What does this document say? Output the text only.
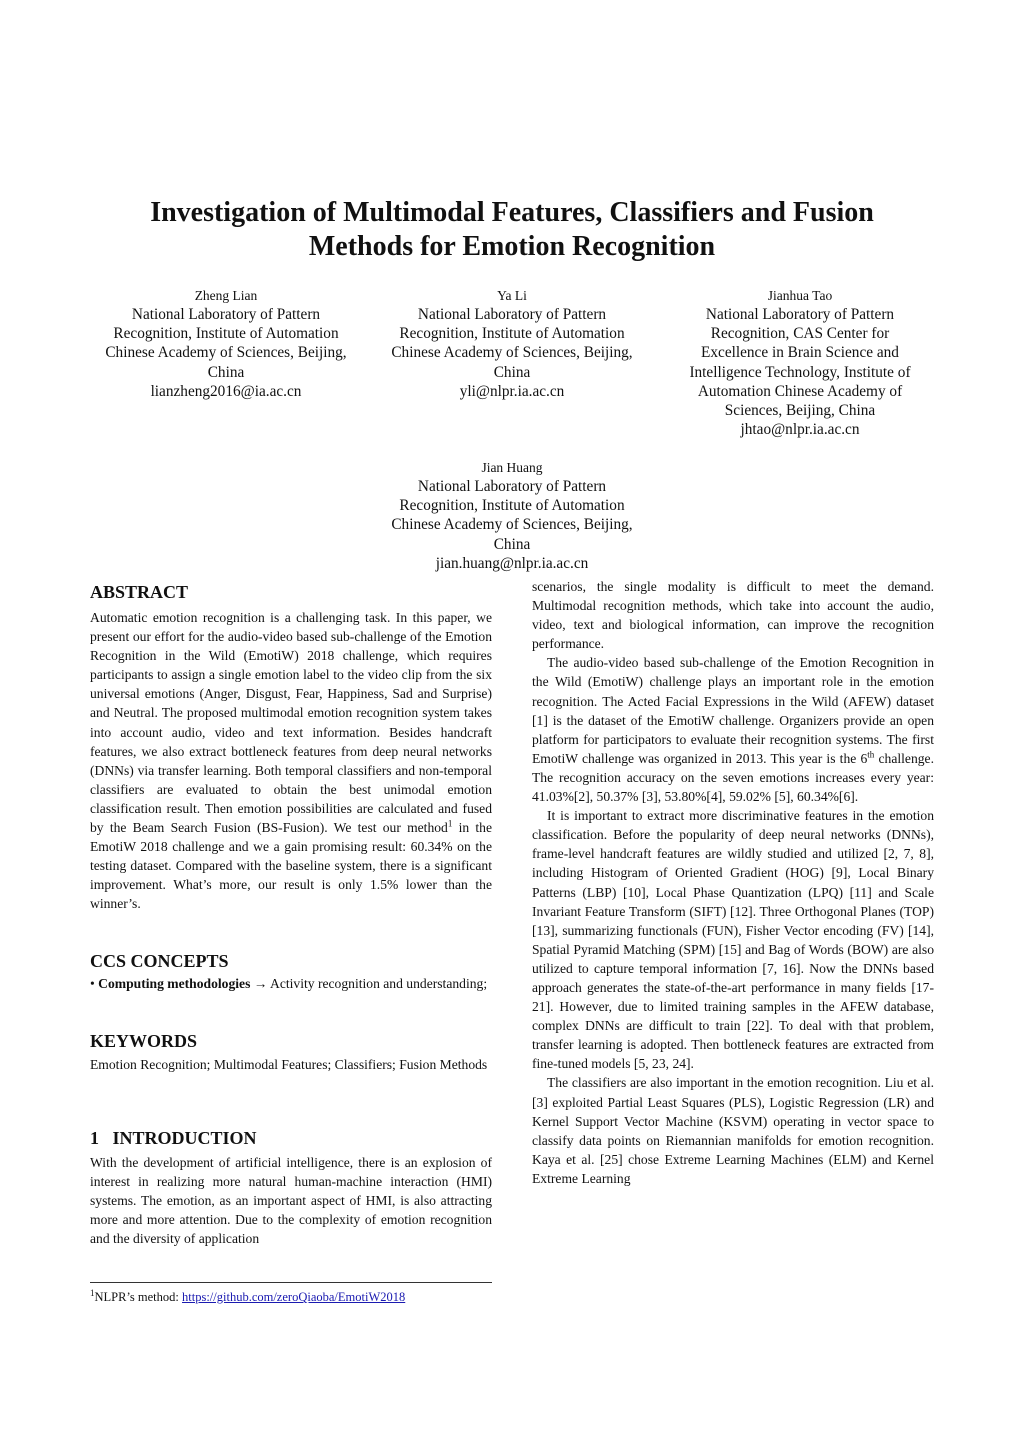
Investigation of Multimodal Features, Classifiers and Fusion
Methods for Emotion Recognition
Zheng Lian
National Laboratory of Pattern
Recognition, Institute of Automation
Chinese Academy of Sciences, Beijing,
China
lianzheng2016@ia.ac.cn
Ya Li
National Laboratory of Pattern
Recognition, Institute of Automation
Chinese Academy of Sciences, Beijing,
China
yli@nlpr.ia.ac.cn
Jianhua Tao
National Laboratory of Pattern
Recognition, CAS Center for
Excellence in Brain Science and
Intelligence Technology, Institute of
Automation Chinese Academy of
Sciences, Beijing, China
jhtao@nlpr.ia.ac.cn
Jian Huang
National Laboratory of Pattern
Recognition, Institute of Automation
Chinese Academy of Sciences, Beijing,
China
jian.huang@nlpr.ia.ac.cn
ABSTRACT

Automatic emotion recognition is a challenging task. In this paper, we present our effort for the audio-video based sub-challenge of the Emotion Recognition in the Wild (EmotiW) 2018 challenge, which requires participants to assign a single emotion label to the video clip from the six universal emotions (Anger, Disgust, Fear, Happiness, Sad and Surprise) and Neutral. The proposed multimodal emotion recognition system takes into account audio, video and text information. Besides handcraft features, we also extract bottleneck features from deep neural networks (DNNs) via transfer learning. Both temporal classifiers and non-temporal classifiers are evaluated to obtain the best unimodal emotion classification result. Then emotion possibilities are calculated and fused by the Beam Search Fusion (BS-Fusion). We test our method$^1$ in the EmotiW 2018 challenge and we a gain promising result: 60.34% on the testing dataset. Compared with the baseline system, there is a significant improvement. What’s more, our result is only 1.5% lower than the winner’s.

CCS CONCEPTS

• Computing methodologies → Activity recognition and understanding;

KEYWORDS

Emotion Recognition; Multimodal Features; Classifiers; Fusion Methods

1 INTRODUCTION

With the development of artificial intelligence, there is an explosion of interest in realizing more natural human-machine interaction (HMI) systems. The emotion, as an important aspect of HMI, is also attracting more and more attention. Due to the complexity of emotion recognition and the diversity of application

scenarios, the single modality is difficult to meet the demand. Multimodal recognition methods, which take into account the audio, video, text and biological information, can improve the recognition performance.

The audio-video based sub-challenge of the Emotion Recognition in the Wild (EmotiW) challenge plays an important role in the emotion recognition. The Acted Facial Expressions in the Wild (AFEW) dataset [1] is the dataset of the EmotiW challenge. Organizers provide an open platform for participators to evaluate their recognition systems. The first EmotiW challenge was organized in 2013. This year is the 6th challenge. The recognition accuracy on the seven emotions increases every year: 41.03%[2], 50.37% [3], 53.80%[4], 59.02% [5], 60.34%[6].

It is important to extract more discriminative features in the emotion classification. Before the popularity of deep neural networks (DNNs), frame-level handcraft features are wildly studied and utilized [2, 7, 8], including Histogram of Oriented Gradient (HOG) [9], Local Binary Patterns (LBP) [10], Local Phase Quantization (LPQ) [11] and Scale Invariant Feature Transform (SIFT) [12]. Three Orthogonal Planes (TOP) [13], summarizing functionals (FUN), Fisher Vector encoding (FV) [14], Spatial Pyramid Matching (SPM) [15] and Bag of Words (BOW) are also utilized to capture temporal information [7, 16]. Now the DNNs based approach generates the state-of-the-art performance in many fields [17-21]. However, due to limited training samples in the AFEW database, complex DNNs are difficult to train [22]. To deal with that problem, transfer learning is adopted. Then bottleneck features are extracted from fine-tuned models [5, 23, 24].

The classifiers are also important in the emotion recognition. Liu et al. [3] exploited Partial Least Squares (PLS), Logistic Regression (LR) and Kernel Support Vector Machine (KSVM) operating in vector space to classify data points on Riemannian manifolds for emotion recognition. Kaya et al. [25] chose Extreme Learning Machines (ELM) and Kernel Extreme Learning

$^1$NLPR’s method: https://github.com/zeroQiaoba/EmotiW2018
